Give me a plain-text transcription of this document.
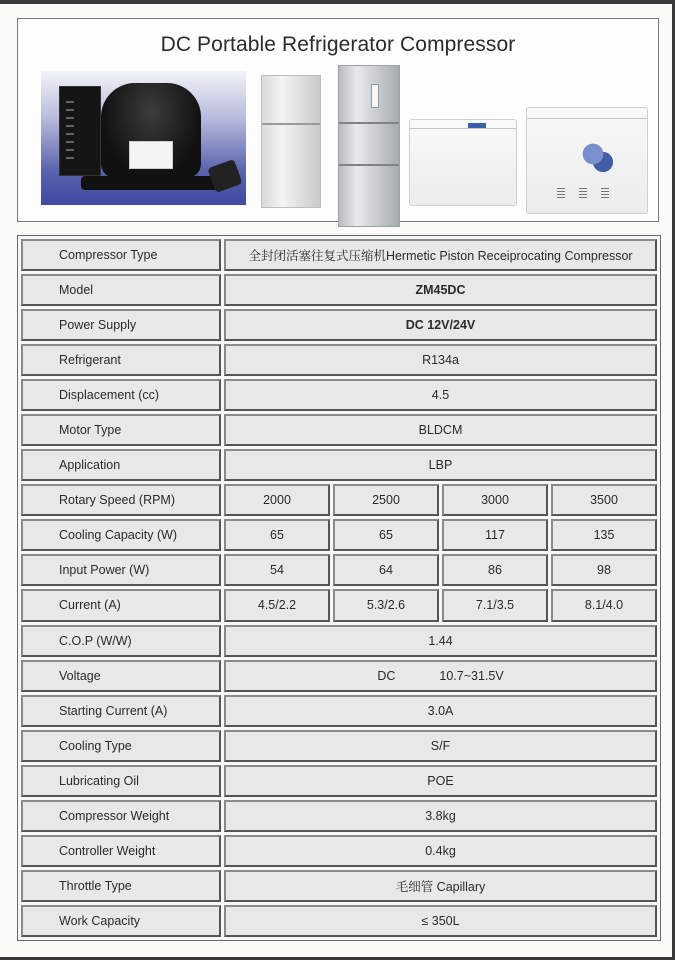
DC Portable Refrigerator Compressor
Compressor Type	全封闭活塞往复式压缩机Hermetic Piston Receiprocating Compressor			
Model	ZM45DC			
Power Supply	DC 12V/24V			
Refrigerant	R134a			
Displacement (cc)	4.5			
Motor Type	BLDCM			
Application	LBP			
Rotary Speed (RPM)	2000	2500	3000	3500
Cooling Capacity (W)	65	65	117	135
Input Power (W)	54	64	86	98
Current (A)	4.5/2.2	5.3/2.6	7.1/3.5	8.1/4.0
C.O.P (W/W)	1.44			
Voltage	DC 10.7~31.5V			
Starting Current (A)	3.0A			
Cooling Type	S/F			
Lubricating Oil	POE			
Compressor Weight	3.8kg			
Controller Weight	0.4kg			
Throttle Type	毛细管 Capillary			
Work Capacity	≤ 350L			
